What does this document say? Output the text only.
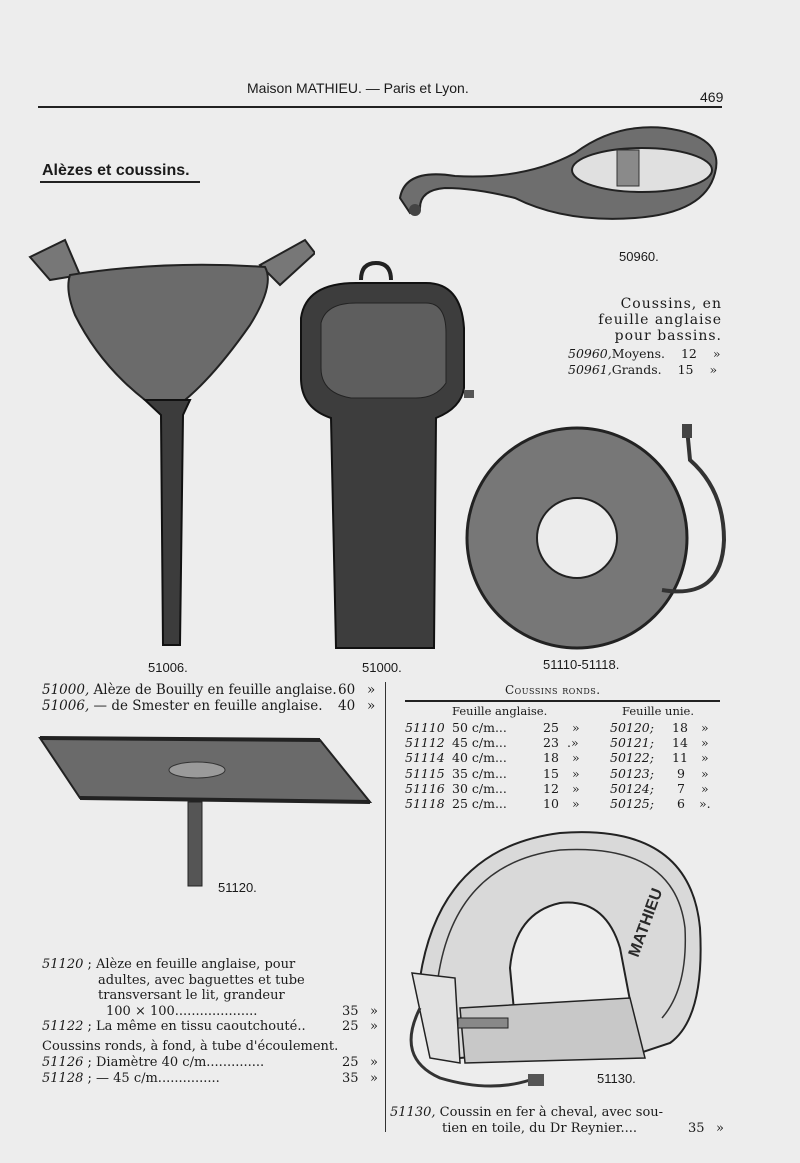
Maison MATHIEU. — Paris et Lyon.
469
Alèzes et coussins.
50960.
Coussins, en
feuille anglaise
pour bassins.
50960,Moyens. 12 »
50961,Grands. 15 »
51006.	51000.	51110-51118.
51000, Alèze de Bouilly en feuille anglaise. 60 »
51006, — de Smester en feuille anglaise. 40 »
Coussins ronds.
Feuille anglaise.	Feuille unie.
51110 50 c/m...	25 » 50120; 18 »
51112 45 c/m...	23 .»	50121; 14 »
51114 40 c/m...	18 » 50122; 11 »
51115 35 c/m...	15 » 50123; 9 »
51116 30 c/m...	12 » 50124; 7 »
51118 25 c/m...	10 » 50125; 6 ».
51120.
51120 ; Alèze en feuille anglaise, pour
adultes, avec baguettes et tube
transversant le lit, grandeur
100 × 100....................	35 »
51122 ; La même en tissu caoutchouté..	25 »
Coussins ronds, à fond, à tube d'écoulement.
51126 ; Diamètre 40 c/m..............	25 »
51128 ; — 45 c/m...............	35 »
MATHIEU
51130.
51130, Coussin en fer à cheval, avec sou-
tien en toile, du Dr Reynier....	35 »
